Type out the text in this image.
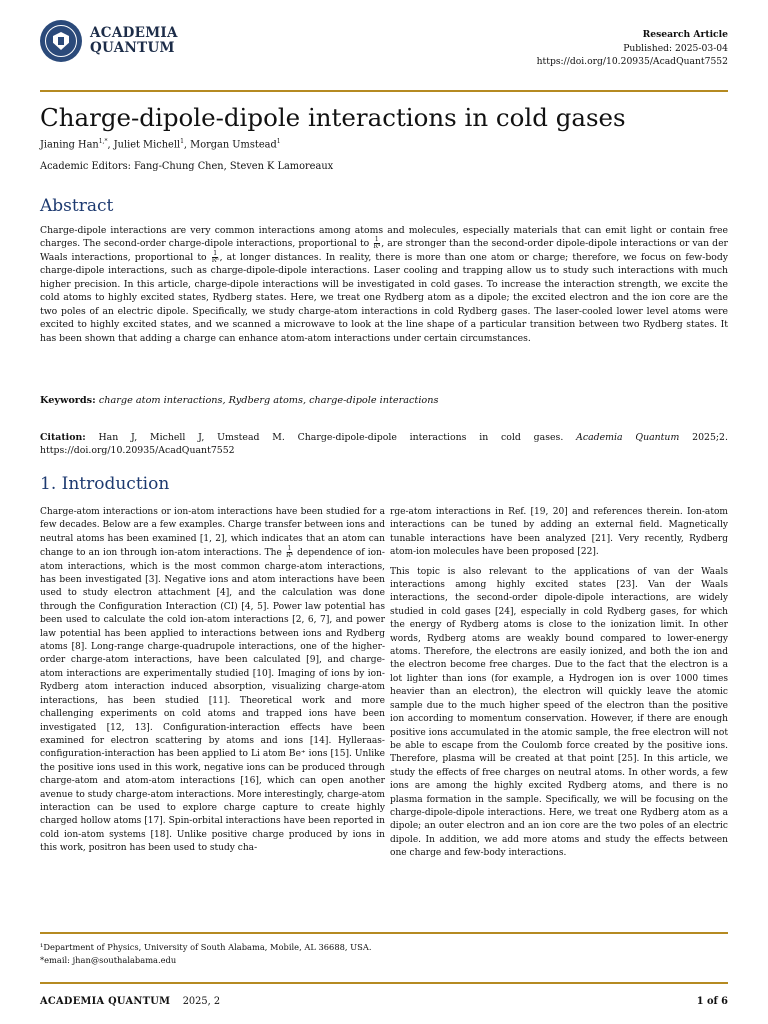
ACADEMIA
QUANTUM
Research Article
Published: 2025-03-04
https://doi.org/10.20935/AcadQuant7552
Charge-dipole-dipole interactions in cold gases
Jianing Han$^{1,*}$, Juliet Michell$^1$, Morgan Umstead$^1$
Academic Editors: Fang-Chung Chen, Steven K Lamoreaux
Abstract
Charge-dipole interactions are very common interactions among atoms and molecules, especially materials that can emit light or contain free charges. The second-order charge-dipole interactions, proportional to $\frac{1}{\text{R⁴}}$ , are stronger than the second-order dipole-dipole interactions or van der Waals interactions, proportional to $\frac{1}{\text{R⁶}}$ , at longer distances. In reality, there is more than one atom or charge; therefore, we focus on few-body charge-dipole interactions, such as charge-dipole-dipole interactions. Laser cooling and trapping allow us to study such interactions with much higher precision. In this article, charge-dipole interactions will be investigated in cold gases. To increase the interaction strength, we excite the cold atoms to highly excited states, Rydberg states. Here, we treat one Rydberg atom as a dipole; the excited electron and the ion core are the two poles of an electric dipole. Specifically, we study charge-atom interactions in cold Rydberg gases. The laser-cooled lower level atoms were excited to highly excited states, and we scanned a microwave to look at the line shape of a particular transition between two Rydberg states. It has been shown that adding a charge can enhance atom-atom interactions under certain circumstances.
Keywords: charge atom interactions, Rydberg atoms, charge-dipole interactions
Citation: Han J, Michell J, Umstead M. Charge-dipole-dipole interactions in cold gases. Academia Quantum 2025;2. https://doi.org/10.20935/AcadQuant7552
1. Introduction

Charge-atom interactions or ion-atom interactions have been studied for a few decades. Below are a few examples. Charge transfer between ions and neutral atoms has been examined [1, 2], which indicates that an atom can change to an ion through ion-atom interactions. The $\frac{1}{\text{R⁴}}$ dependence of ion-atom interactions, which is the most common charge-atom interactions, has been investigated [3]. Negative ions and atom interactions have been used to study electron attachment [4], and the calculation was done through the Configuration Interaction (CI) [4, 5]. Power law potential has been used to calculate the cold ion-atom interactions [2, 6, 7], and power law potential has been applied to interactions between ions and Rydberg atoms [8]. Long-range charge-quadrupole interactions, one of the higher-order charge-atom interactions, have been calculated [9], and charge-atom interactions are experimentally studied [10]. Imaging of ions by ion-Rydberg atom interaction induced absorption, visualizing charge-atom interactions, has been studied [11]. Theoretical work and more challenging experiments on cold atoms and trapped ions have been investigated [12, 13]. Configuration-interaction effects have been examined for electron scattering by atoms and ions [14]. Hylleraas-configuration-interaction has been applied to Li atom Be⁺ ions [15]. Unlike the positive ions used in this work, negative ions can be produced through charge-atom and atom-atom interactions [16], which can open another avenue to study charge-atom interactions. More interestingly, charge-atom interaction can be used to explore charge capture to create highly charged hollow atoms [17]. Spin-orbital interactions have been reported in cold ion-atom systems [18]. Unlike positive charge produced by ions in this work, positron has been used to study cha-

rge-atom interactions in Ref. [19, 20] and references therein. Ion-atom interactions can be tuned by adding an external field. Magnetically tunable interactions have been analyzed [21]. Very recently, Rydberg atom-ion molecules have been proposed [22].

This topic is also relevant to the applications of van der Waals interactions among highly excited states [23]. Van der Waals interactions, the second-order dipole-dipole interactions, are widely studied in cold gases [24], especially in cold Rydberg gases, for which the energy of Rydberg atoms is close to the ionization limit. In other words, Rydberg atoms are weakly bound compared to lower-energy atoms. Therefore, the electrons are easily ionized, and both the ion and the electron become free charges. Due to the fact that the electron is a lot lighter than ions (for example, a Hydrogen ion is over 1000 times heavier than an electron), the electron will quickly leave the atomic sample due to the much higher speed of the electron than the positive ion according to momentum conservation. However, if there are enough positive ions accumulated in the atomic sample, the free electron will not be able to escape from the Coulomb force created by the positive ions. Therefore, plasma will be created at that point [25]. In this article, we study the effects of free charges on neutral atoms. In other words, a few ions are among the highly excited Rydberg atoms, and there is no plasma formation in the sample. Specifically, we will be focusing on the charge-dipole-dipole interactions. Here, we treat one Rydberg atom as a dipole; an outer electron and an ion core are the two poles of an electric dipole. In addition, we add more atoms and study the effects between one charge and few-body interactions.

¹Department of Physics, University of South Alabama, Mobile, AL 36688, USA.
*email: jhan@southalabama.edu
ACADEMIA QUANTUM 2025, 2	1 of 6
